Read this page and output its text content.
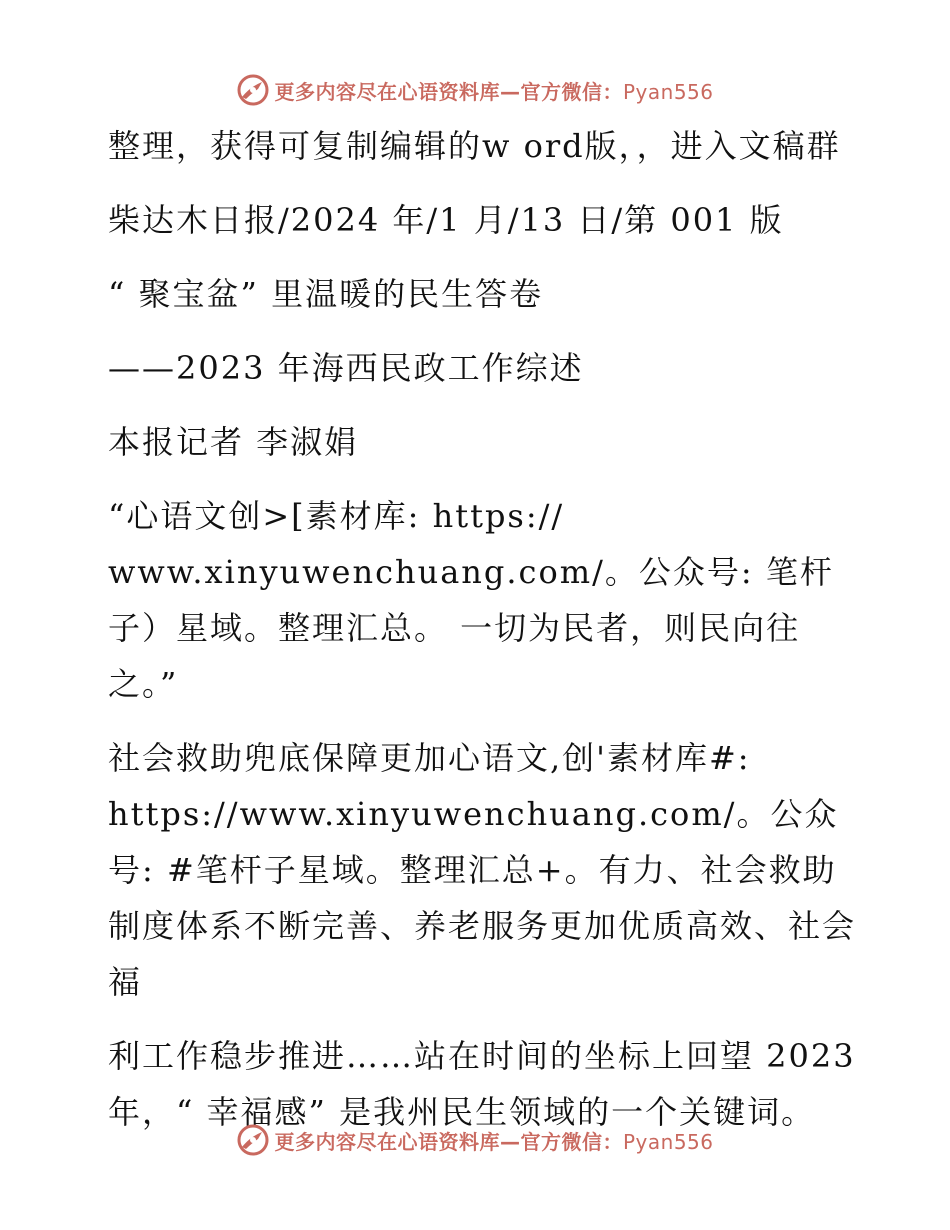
更多内容尽在心语资料库—官方微信：Pyan556

整理，获得可复制编辑的w ord版，，进入文稿群

柴达木日报/2024 年/1 月/13 日/第 001 版

“ 聚宝盆” 里温暖的民生答卷

——2023 年海西民政工作综述

本报记者 李淑娟

“心语文创>[素材库: https:// www.xinyuwenchuang.com/。公众号: 笔杆子）星域。整理汇总。 一切为民者，则民向往之。”

社会救助兜底保障更加心语文,创'素材库#: https://www.xinyuwenchuang.com/。公众号: #笔杆子星域。整理汇总+。有力、社会救助制度体系不断完善、养老服务更加优质高效、社会福

利工作稳步推进……站在时间的坐标上回望 2023 年，“ 幸福感” 是我州民生领域的一个关键词。

更多内容尽在心语资料库—官方微信：Pyan556
